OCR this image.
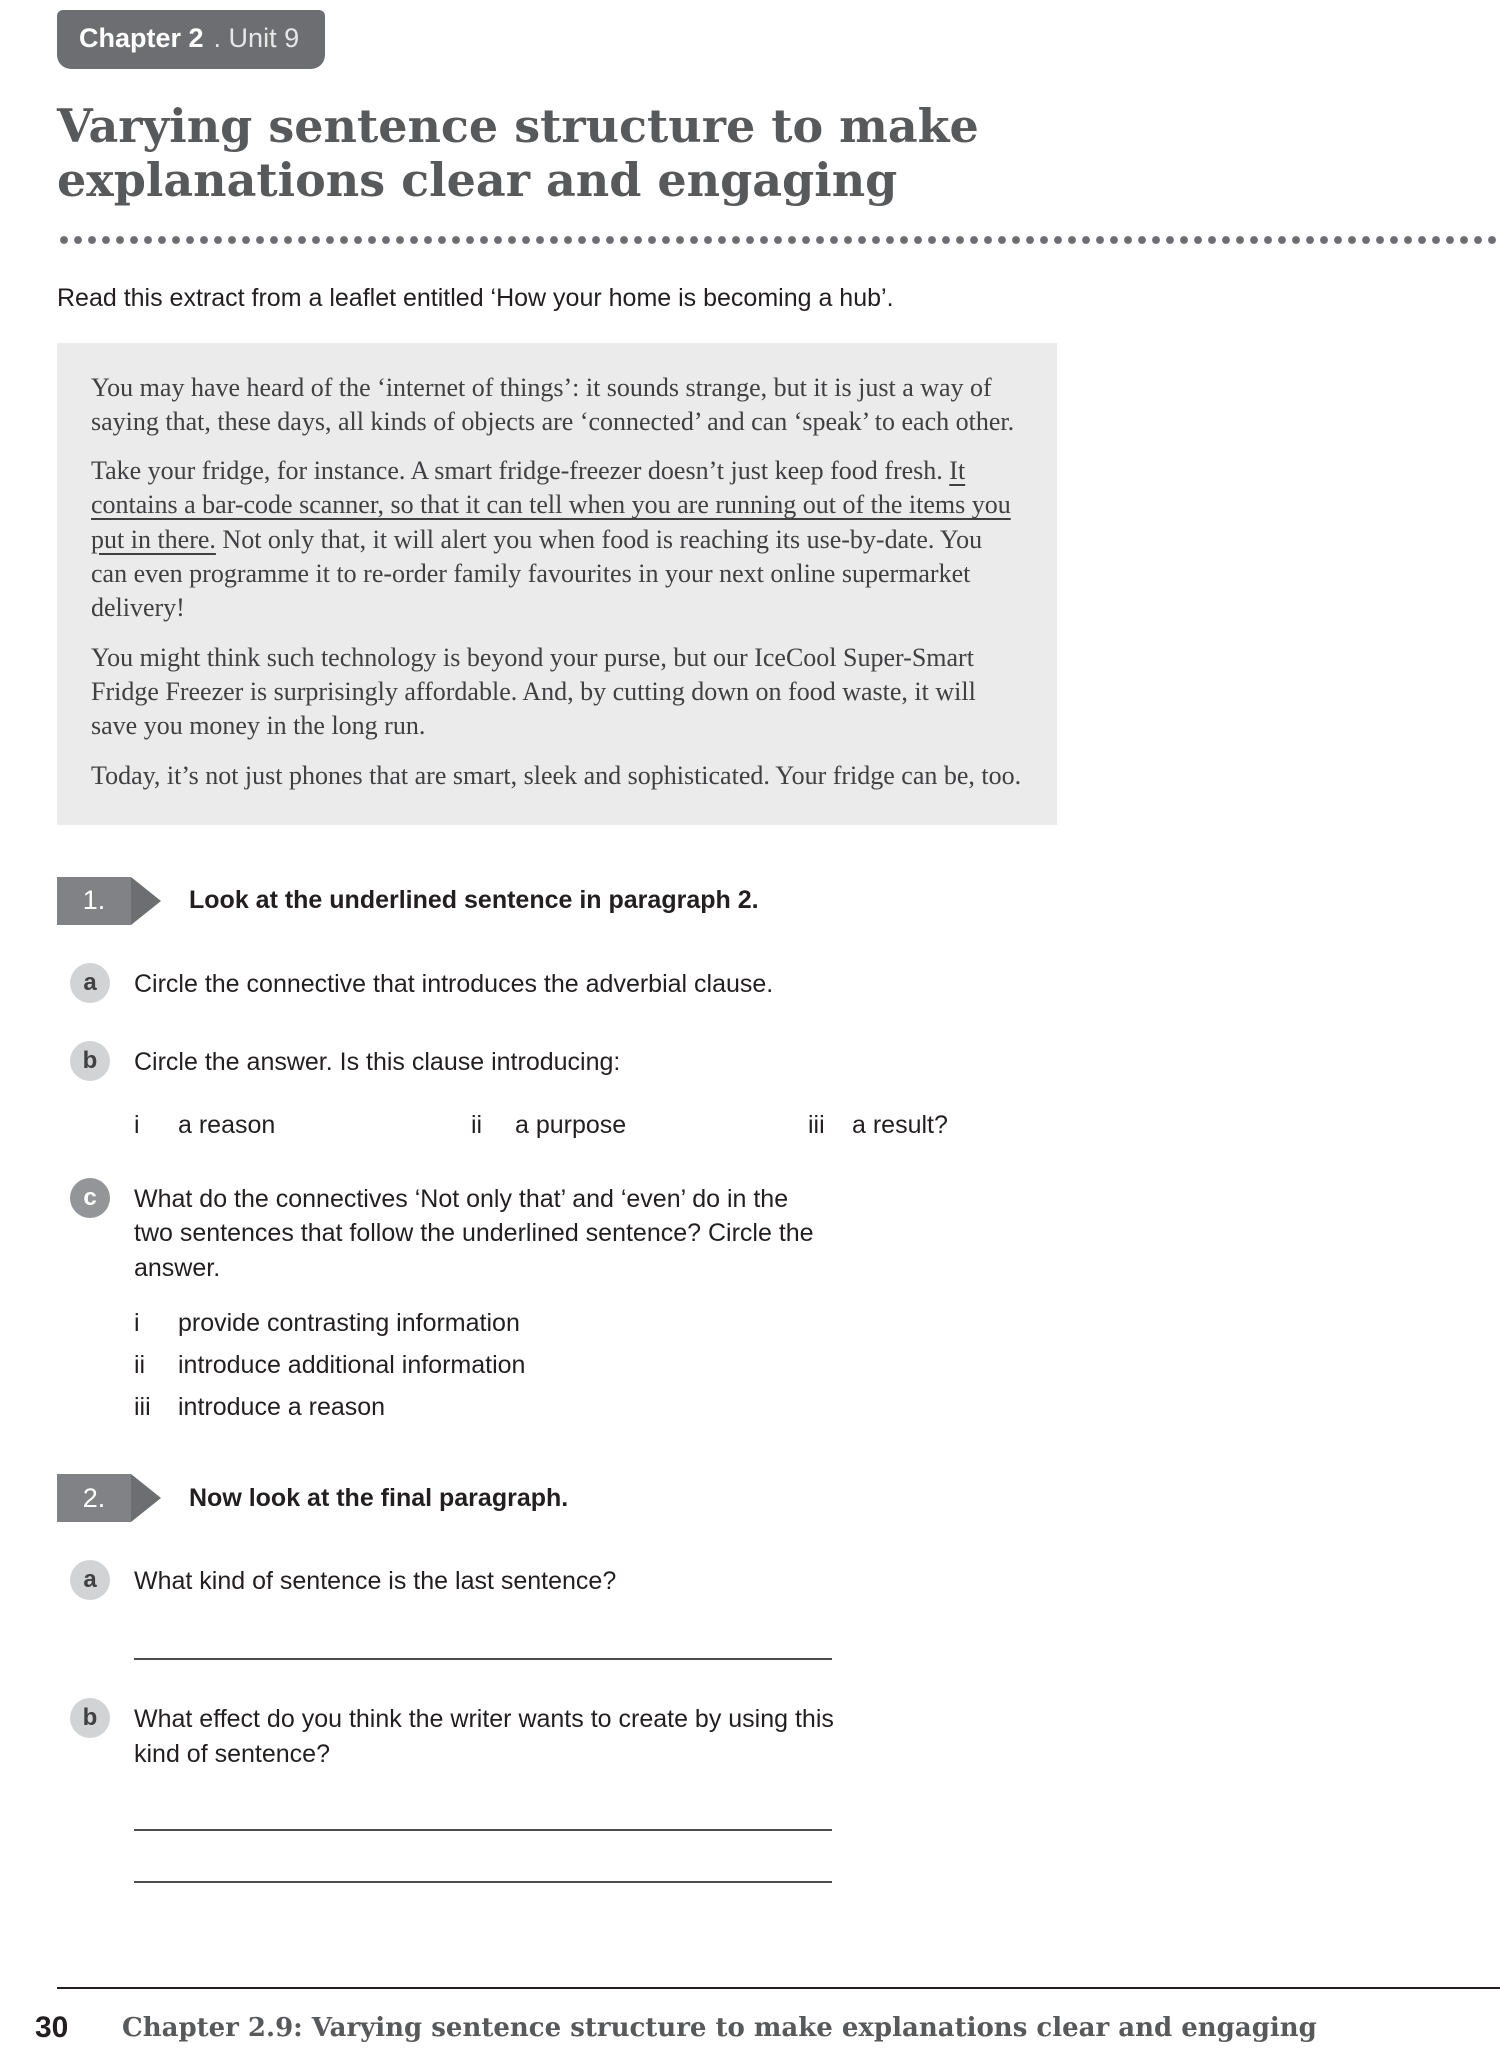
Chapter 2 . Unit 9
Varying sentence structure to make explanations clear and engaging

Read this extract from a leaflet entitled ‘How your home is becoming a hub’.

You may have heard of the ‘internet of things’: it sounds strange, but it is just a way of saying that, these days, all kinds of objects are ‘connected’ and can ‘speak’ to each other.

Take your fridge, for instance. A smart fridge-freezer doesn’t just keep food fresh. It contains a bar-code scanner, so that it can tell when you are running out of the items you put in there. Not only that, it will alert you when food is reaching its use-by-date. You can even programme it to re-order family favourites in your next online supermarket delivery!

You might think such technology is beyond your purse, but our IceCool Super-Smart Fridge Freezer is surprisingly affordable. And, by cutting down on food waste, it will save you money in the long run.

Today, it’s not just phones that are smart, sleek and sophisticated. Your fridge can be, too.

1.	Look at the underlined sentence in paragraph 2.

a	Circle the connective that introduces the adverbial clause.

b	Circle the answer. Is this clause introducing:

i	a reason	ii	a purpose	iii	a result?
c	What do the connectives ‘Not only that’ and ‘even’ do in the two sentences that follow the underlined sentence? Circle the answer.

i	provide contrasting information
ii	introduce additional information
iii	introduce a reason
2.	Now look at the final paragraph.

a	What kind of sentence is the last sentence?

b	What effect do you think the writer wants to create by using this kind of sentence?

30 Chapter 2.9: Varying sentence structure to make explanations clear and engaging
